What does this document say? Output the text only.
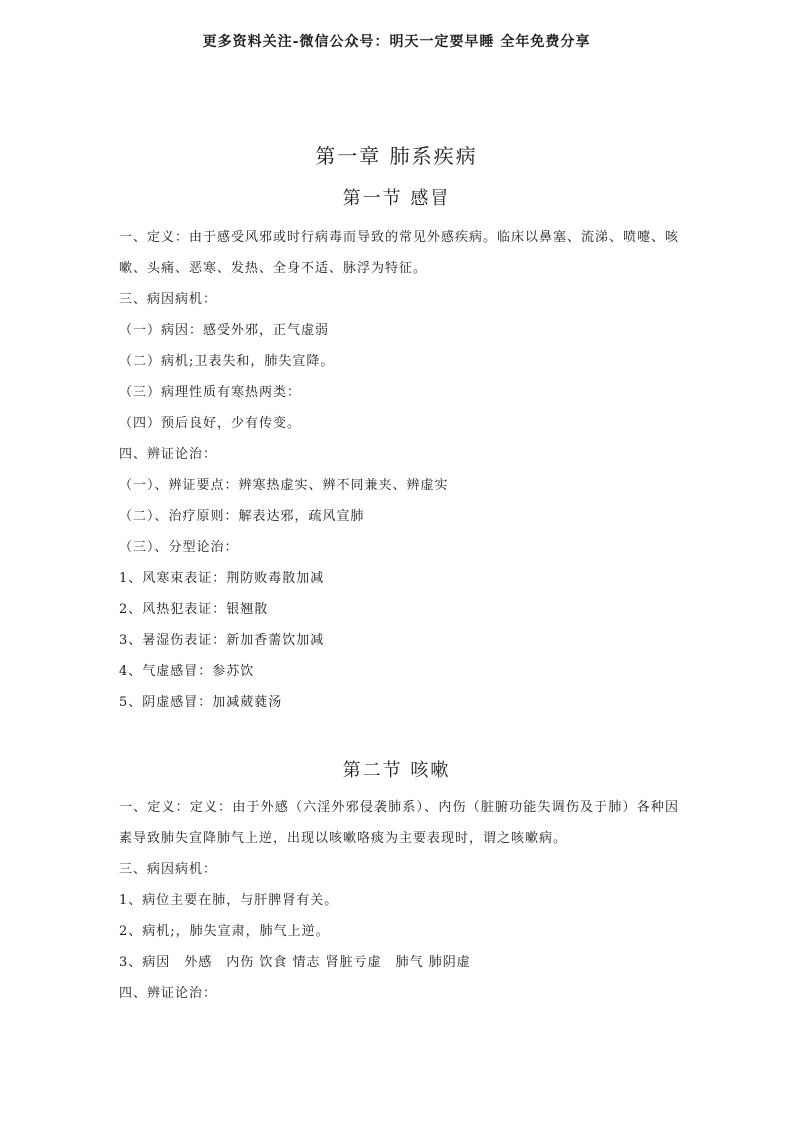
更多资料关注-微信公众号：明天一定要早睡 全年免费分享
第一章 肺系疾病
第一节 感冒
一、定义：由于感受风邪或时行病毒而导致的常见外感疾病。临床以鼻塞、流涕、喷嚏、咳嗽、头痛、恶寒、发热、全身不适、脉浮为特征。
三、病因病机：
（一）病因：感受外邪，正气虚弱
（二）病机;卫表失和，肺失宣降。
（三）病理性质有寒热两类：
（四）预后良好，少有传变。
四、辨证论治：
（一）、辨证要点：辨寒热虚实、辨不同兼夹、辨虚实
（二）、治疗原则：解表达邪，疏风宣肺
（三）、分型论治：
1、风寒束表证：荆防败毒散加减
2、风热犯表证：银翘散
3、暑湿伤表证：新加香薷饮加减
4、气虚感冒：参苏饮
5、阴虚感冒：加减葳蕤汤
第二节 咳嗽
一、定义：定义：由于外感（六淫外邪侵袭肺系）、内伤（脏腑功能失调伤及于肺）各种因素导致肺失宣降肺气上逆，出现以咳嗽咯痰为主要表现时，谓之咳嗽病。
三、病因病机：
1、病位主要在肺，与肝脾肾有关。
2、病机;，肺失宣肃，肺气上逆。
3、病因　外感　内伤 饮食 情志 肾脏亏虚　肺气 肺阴虚
四、辨证论治：
